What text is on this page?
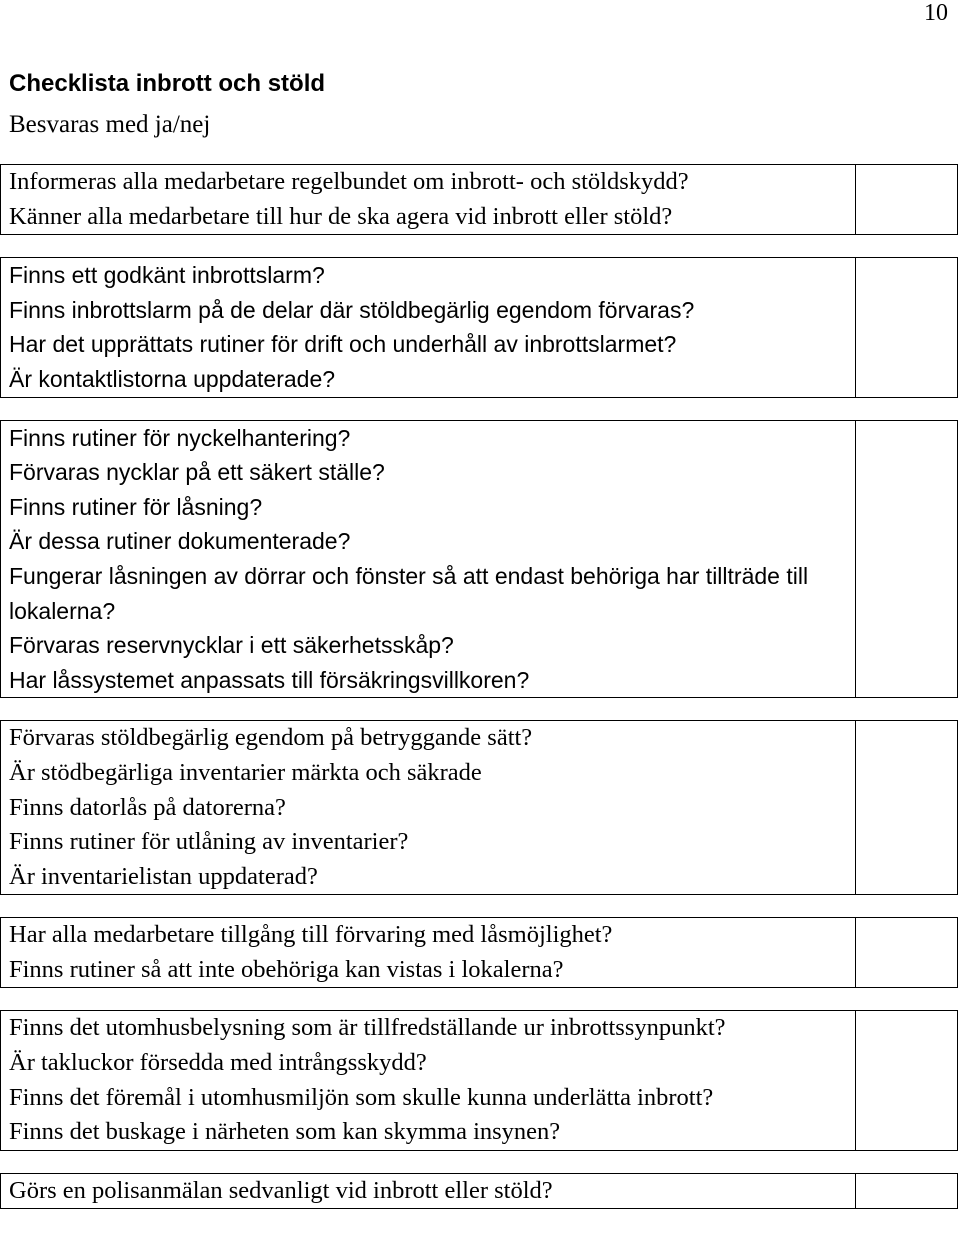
10
Checklista inbrott och stöld
Besvaras med ja/nej
Informeras alla medarbetare regelbundet om inbrott- och stöldskydd?
Känner alla medarbetare till hur de ska agera vid inbrott eller stöld?
Finns ett godkänt inbrottslarm?
Finns inbrottslarm på de delar där stöldbegärlig egendom förvaras?
Har det upprättats rutiner för drift och underhåll av inbrottslarmet?
Är kontaktlistorna uppdaterade?
Finns rutiner för nyckelhantering?
Förvaras nycklar på ett säkert ställe?
Finns rutiner för låsning?
Är dessa rutiner dokumenterade?
Fungerar låsningen av dörrar och fönster så att endast behöriga har tillträde till lokalerna?
Förvaras reservnycklar i ett säkerhetsskåp?
Har låssystemet anpassats till försäkringsvillkoren?
Förvaras stöldbegärlig egendom på betryggande sätt?
Är stödbegärliga inventarier märkta och säkrade
Finns datorlås på datorerna?
Finns rutiner för utlåning av inventarier?
Är inventarielistan uppdaterad?
Har alla medarbetare tillgång till förvaring med låsmöjlighet?
Finns rutiner så att inte obehöriga kan vistas i lokalerna?
Finns det utomhusbelysning som är tillfredställande ur inbrottssynpunkt?
Är takluckor försedda med intrångsskydd?
Finns det föremål i utomhusmiljön som skulle kunna underlätta inbrott?
Finns det buskage i närheten som kan skymma insynen?
Görs en polisanmälan sedvanligt vid inbrott eller stöld?
